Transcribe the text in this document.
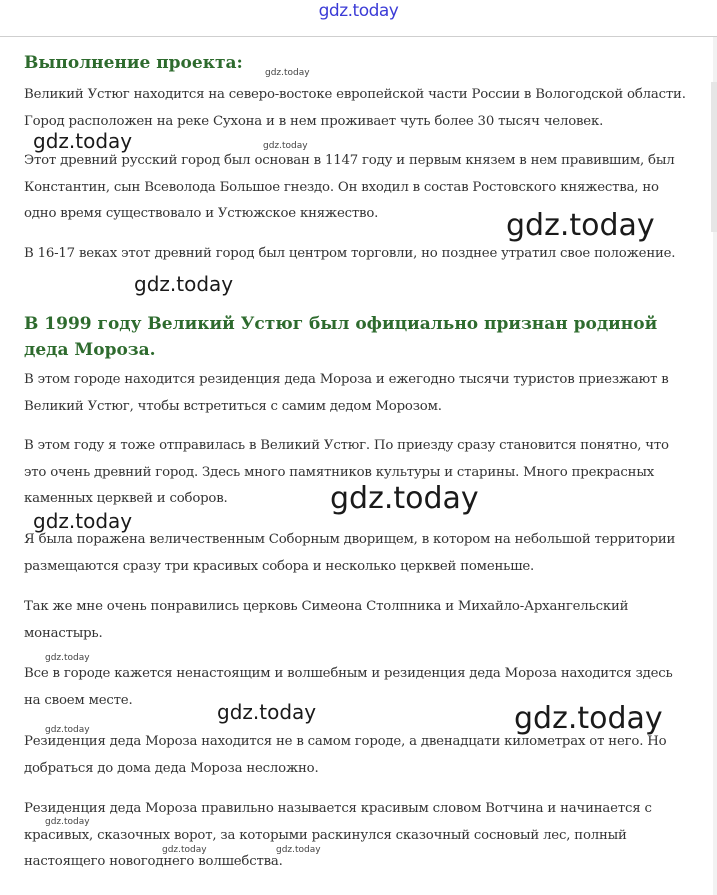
gdz.today
Выполнение проекта:

Великий Устюг находится на северо-востоке европейской части России в Вологодской области. Город расположен на реке Сухона и в нем проживает чуть более 30 тысяч человек.

Этот древний русский город был основан в 1147 году и первым князем в нем правившим, был Константин, сын Всеволода Большое гнездо. Он входил в состав Ростовского княжества, но одно время существовало и Устюжское княжество.

В 16-17 веках этот древний город был центром торговли, но позднее утратил свое положение.

В 1999 году Великий Устюг был официально признан родиной деда Мороза.

В этом городе находится резиденция деда Мороза и ежегодно тысячи туристов приезжают в Великий Устюг, чтобы встретиться с самим дедом Морозом.

В этом году я тоже отправилась в Великий Устюг. По приезду сразу становится понятно, что это очень древний город. Здесь много памятников культуры и старины. Много прекрасных каменных церквей и соборов.

Я была поражена величественным Соборным дворищем, в котором на небольшой территории размещаются сразу три красивых собора и несколько церквей поменьше.

Так же мне очень понравились церковь Симеона Столпника и Михайло-Архангельский монастырь.

Все в городе кажется ненастоящим и волшебным и резиденция деда Мороза находится здесь на своем месте.

Резиденция деда Мороза находится не в самом городе, а двенадцати километрах от него. Но добраться до дома деда Мороза несложно.

Резиденция деда Мороза правильно называется красивым словом Вотчина и начинается с красивых, сказочных ворот, за которыми раскинулся сказочный сосновый лес, полный настоящего новогоднего волшебства.

gdz.today
gdz.today	gdz.today
gdz.today
gdz.today
gdz.today
gdz.today
gdz.today
gdz.today	gdz.today
gdz.today
gdz.today
gdz.today	gdz.today
